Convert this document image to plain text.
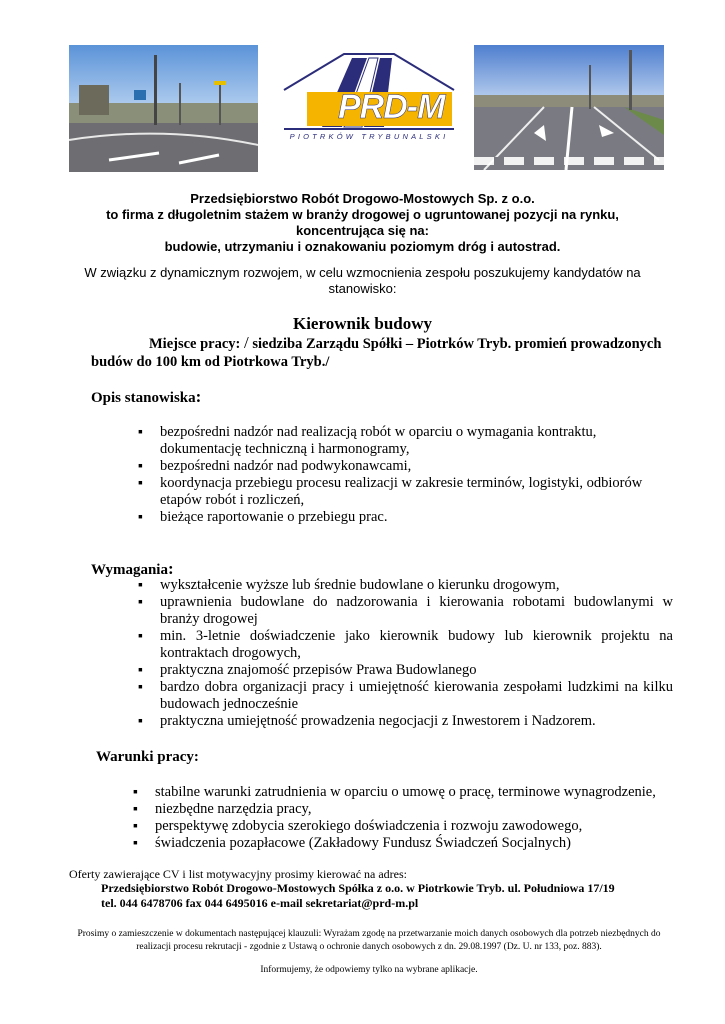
PRD-M
PIOTRKÓW TRYBUNALSKI
Przedsiębiorstwo Robót Drogowo-Mostowych Sp. z o.o.
to firma z długoletnim stażem w branży drogowej o ugruntowanej pozycji na rynku,
koncentrująca się na:
budowie, utrzymaniu i oznakowaniu poziomym dróg i autostrad.
W związku z dynamicznym rozwojem, w celu wzmocnienia zespołu poszukujemy kandydatów na stanowisko:
Kierownik budowy
Miejsce pracy: / siedziba Zarządu Spółki – Piotrków Tryb. promień prowadzonych budów do 100 km od Piotrkowa Tryb./
Opis stanowiska:
▪ bezpośredni nadzór nad realizacją robót w oparciu o wymagania kontraktu, dokumentację techniczną i harmonogramy,
▪ bezpośredni nadzór nad podwykonawcami,
▪ koordynacja przebiegu procesu realizacji w zakresie terminów, logistyki, odbiorów etapów robót i rozliczeń,
▪ bieżące raportowanie o przebiegu prac.
Wymagania:
▪ wykształcenie wyższe lub średnie budowlane o kierunku drogowym,
▪ uprawnienia budowlane do nadzorowania i kierowania robotami budowlanymi w branży drogowej
▪ min. 3-letnie doświadczenie jako kierownik budowy lub kierownik projektu na kontraktach drogowych,
▪ praktyczna znajomość przepisów Prawa Budowlanego
▪ bardzo dobra organizacji pracy i umiejętność kierowania zespołami ludzkimi na kilku budowach jednocześnie
▪ praktyczna umiejętność prowadzenia negocjacji z Inwestorem i Nadzorem.
Warunki pracy:
▪ stabilne warunki zatrudnienia w oparciu o umowę o pracę, terminowe wynagrodzenie,
▪ niezbędne narzędzia pracy,
▪ perspektywę zdobycia szerokiego doświadczenia i rozwoju zawodowego,
▪ świadczenia pozapłacowe (Zakładowy Fundusz Świadczeń Socjalnych)
Oferty zawierające CV i list motywacyjny prosimy kierować na adres:
Przedsiębiorstwo Robót Drogowo-Mostowych Spółka z o.o. w Piotrkowie Tryb. ul. Południowa 17/19
tel. 044 6478706 fax 044 6495016 e-mail sekretariat@prd-m.pl
Prosimy o zamieszczenie w dokumentach następującej klauzuli: Wyrażam zgodę na przetwarzanie moich danych osobowych dla potrzeb niezbędnych do realizacji procesu rekrutacji - zgodnie z Ustawą o ochronie danych osobowych z dn. 29.08.1997 (Dz. U. nr 133, poz. 883).
Informujemy, że odpowiemy tylko na wybrane aplikacje.
